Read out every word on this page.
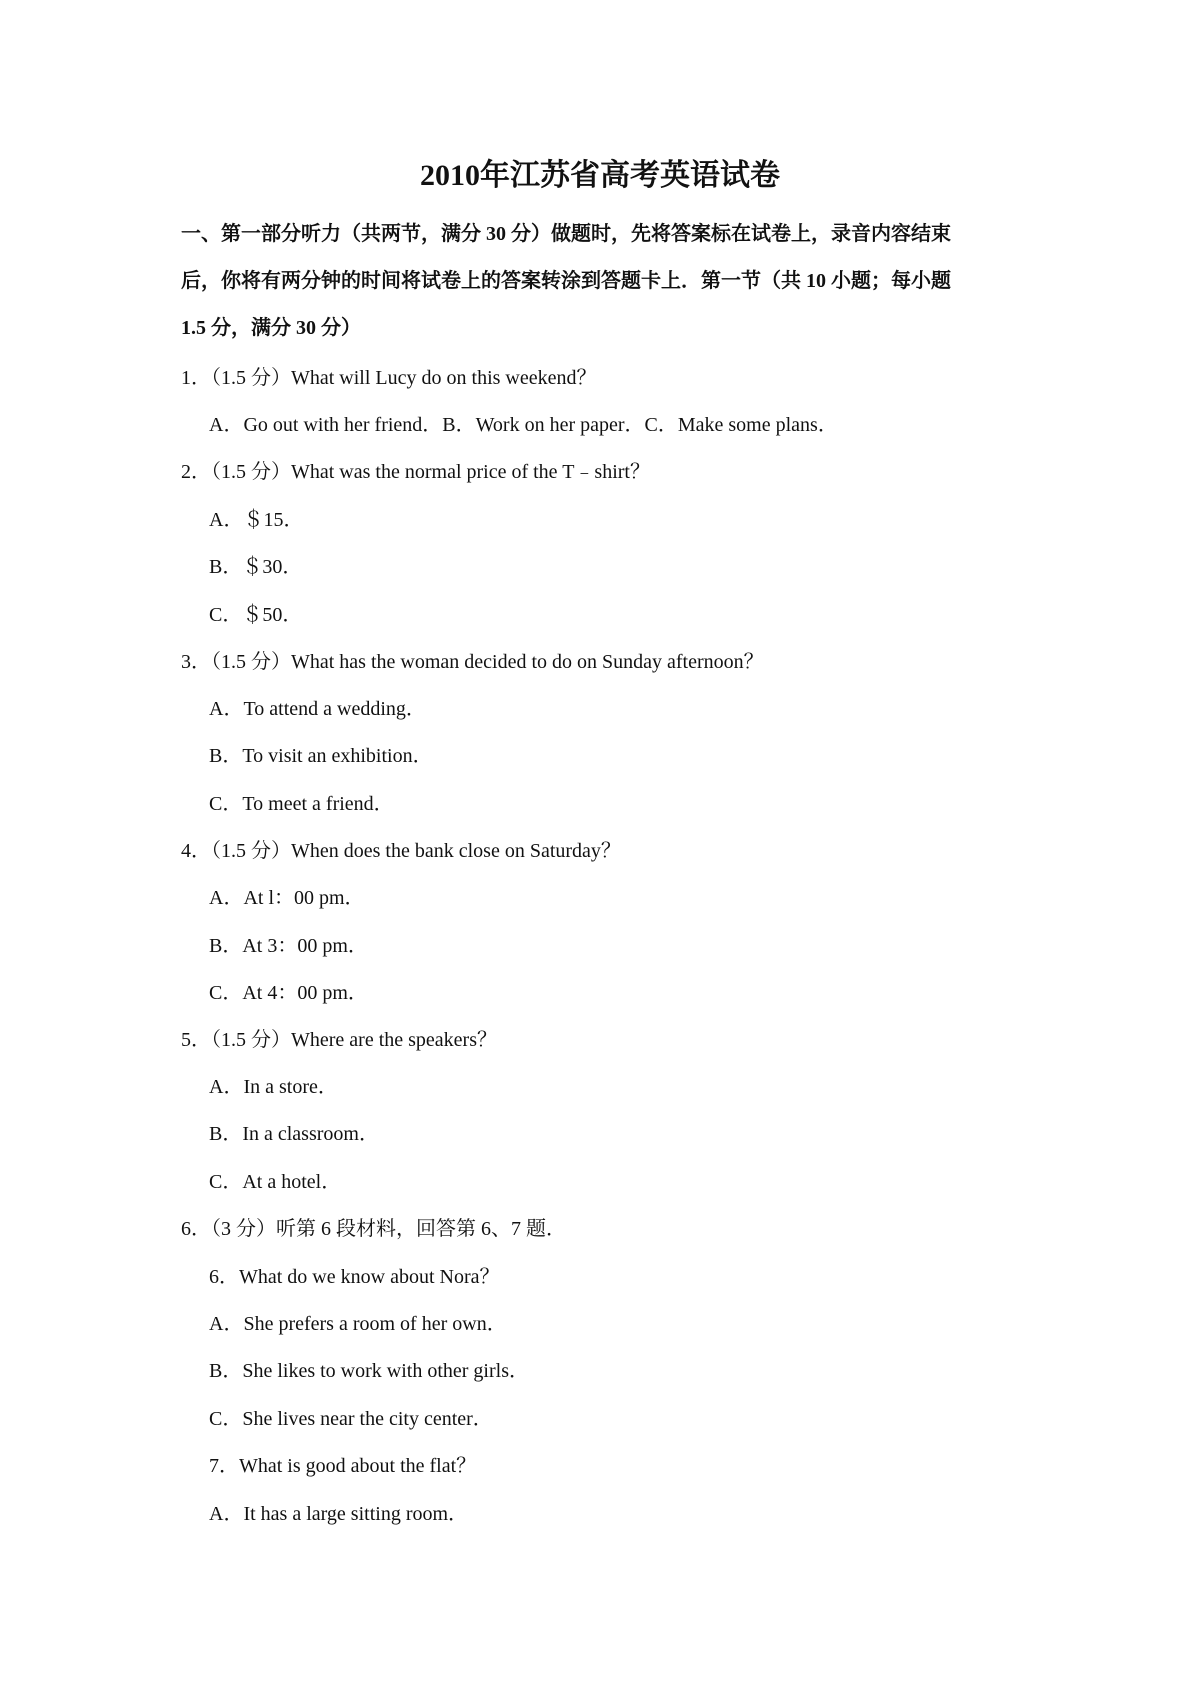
2010年江苏省高考英语试卷
一、第一部分听力（共两节，满分 30 分）做题时，先将答案标在试卷上，录音内容结束
后，你将有两分钟的时间将试卷上的答案转涂到答题卡上．第一节（共 10 小题；每小题
1.5 分，满分 30 分）
1．（1.5 分）What will Lucy do on this weekend？
A．Go out with her friend．B．Work on her paper．C．Make some plans．
2．（1.5 分）What was the normal price of the T﹣shirt？
A．＄15．
B．＄30．
C．＄50．
3．（1.5 分）What has the woman decided to do on Sunday afternoon？
A．To attend a wedding．
B．To visit an exhibition．
C．To meet a friend．
4．（1.5 分）When does the bank close on Saturday？
A．At l：00 pm．
B．At 3：00 pm．
C．At 4：00 pm．
5．（1.5 分）Where are the speakers？
A．In a store．
B．In a classroom．
C．At a hotel．
6．（3 分）听第 6 段材料，回答第 6、7 题．
6．What do we know about Nora？
A．She prefers a room of her own．
B．She likes to work with other girls．
C．She lives near the city center．
7．What is good about the flat？
A．It has a large sitting room．
